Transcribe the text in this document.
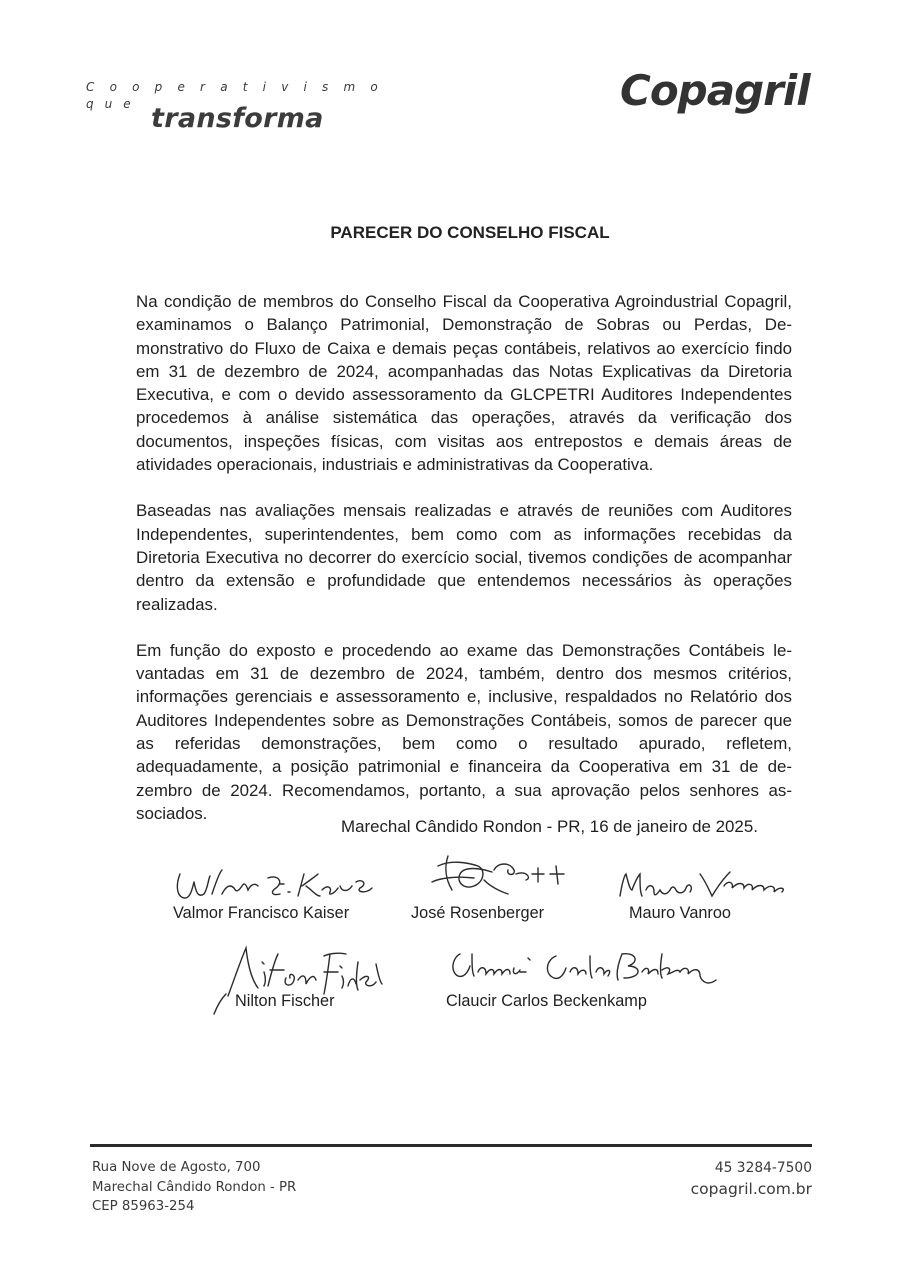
Cooperativismo
que transforma
Copagril
PARECER DO CONSELHO FISCAL

Na condição de membros do Conselho Fiscal da Cooperativa Agroindustrial Copagril, examinamos o Balanço Patrimonial, Demonstração de Sobras ou Perdas, Demonstrativo do Fluxo de Caixa e demais peças contábeis, relativos ao exercício findo em 31 de dezembro de 2024, acompanhadas das Notas Explicativas da Diretoria Executiva, e com o devido assessoramento da GLCPETRI Auditores Independentes procedemos à análise sistemática das operações, através da verificação dos documentos, inspeções físicas, com visitas aos entrepostos e demais áreas de atividades operacionais, industriais e administrativas da Cooperativa.

Baseadas nas avaliações mensais realizadas e através de reuniões com Auditores Independentes, superintendentes, bem como com as informações recebidas da Diretoria Executiva no decorrer do exercício social, tivemos condições de acompanhar dentro da extensão e profundidade que entendemos necessários às operações realizadas.

Em função do exposto e procedendo ao exame das Demonstrações Contábeis levantadas em 31 de dezembro de 2024, também, dentro dos mesmos critérios, informações gerenciais e assessoramento e, inclusive, respaldados no Relatório dos Auditores Independentes sobre as Demonstrações Contábeis, somos de parecer que as referidas demonstrações, bem como o resultado apurado, refletem, adequadamente, a posição patrimonial e financeira da Cooperativa em 31 de dezembro de 2024. Recomendamos, portanto, a sua aprovação pelos senhores associados.

Marechal Cândido Rondon - PR, 16 de janeiro de 2025.
Valmor Francisco Kaiser	José Rosenberger	Mauro Vanroo
Nilton Fischer	Claucir Carlos Beckenkamp
Rua Nove de Agosto, 700
Marechal Cândido Rondon - PR
CEP 85963-254
45 3284-7500
copagril.com.br
